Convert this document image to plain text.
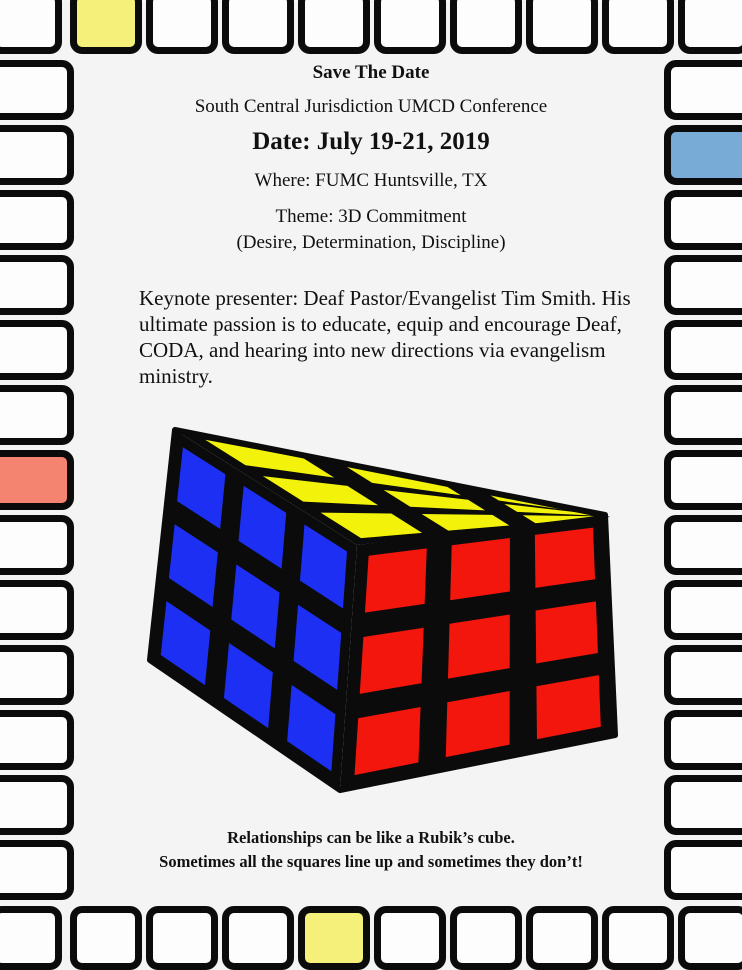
Save The Date

South Central Jurisdiction UMCD Conference

Date: July 19-21, 2019

Where: FUMC Huntsville, TX

Theme: 3D Commitment
(Desire, Determination, Discipline)

Keynote presenter: Deaf Pastor/Evangelist Tim Smith. His ultimate passion is to educate, equip and encourage Deaf, CODA, and hearing into new directions via evangelism ministry.

Relationships can be like a Rubik’s cube.
Sometimes all the squares line up and sometimes they don’t!
